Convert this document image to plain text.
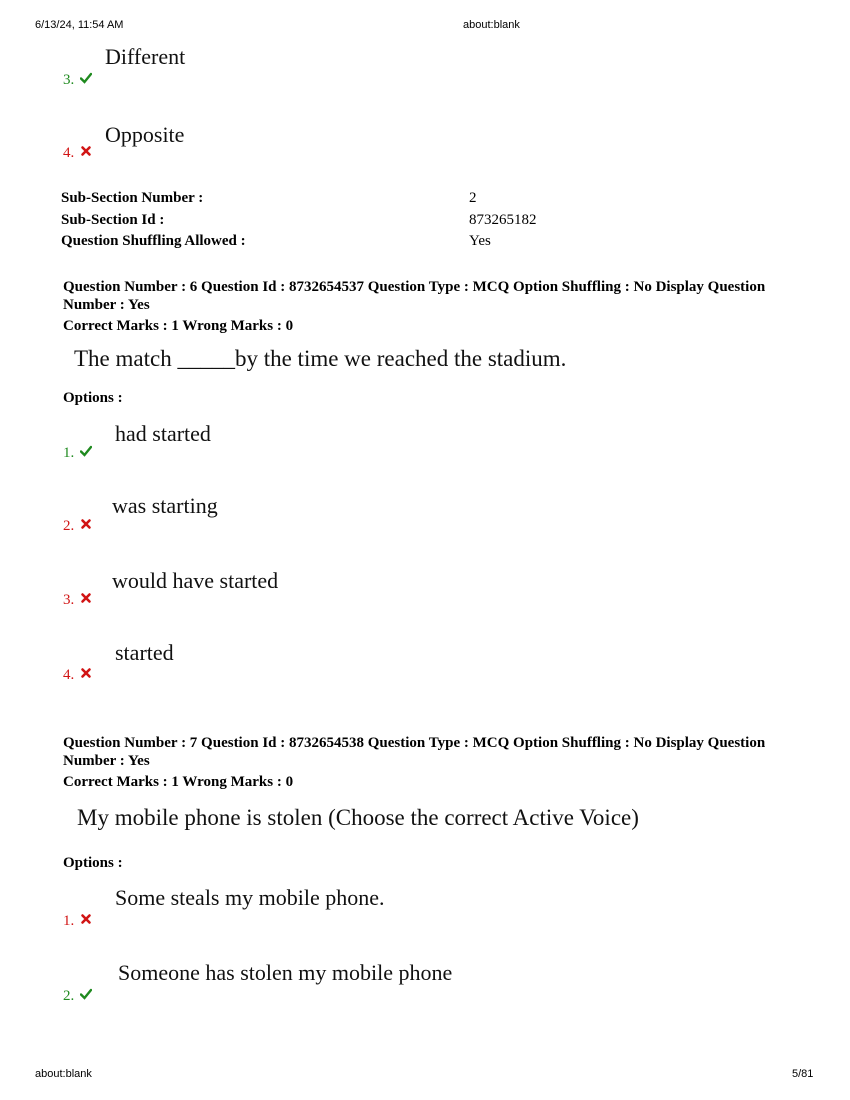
6/13/24, 11:54 AM	about:blank
3.
Different
4.
Opposite
Sub-Section Number :	2
Sub-Section Id :	873265182
Question Shuffling Allowed :	Yes
Question Number : 6 Question Id : 8732654537 Question Type : MCQ Option Shuffling : No Display Question
Number : Yes
Correct Marks : 1 Wrong Marks : 0
The match _____by the time we reached the stadium.
Options :
1.
had started
2.
was starting
3.
would have started
4.
started
Question Number : 7 Question Id : 8732654538 Question Type : MCQ Option Shuffling : No Display Question
Number : Yes
Correct Marks : 1 Wrong Marks : 0
My mobile phone is stolen (Choose the correct Active Voice)
Options :
1.
Some steals my mobile phone.
2.
Someone has stolen my mobile phone
about:blank	5/81
